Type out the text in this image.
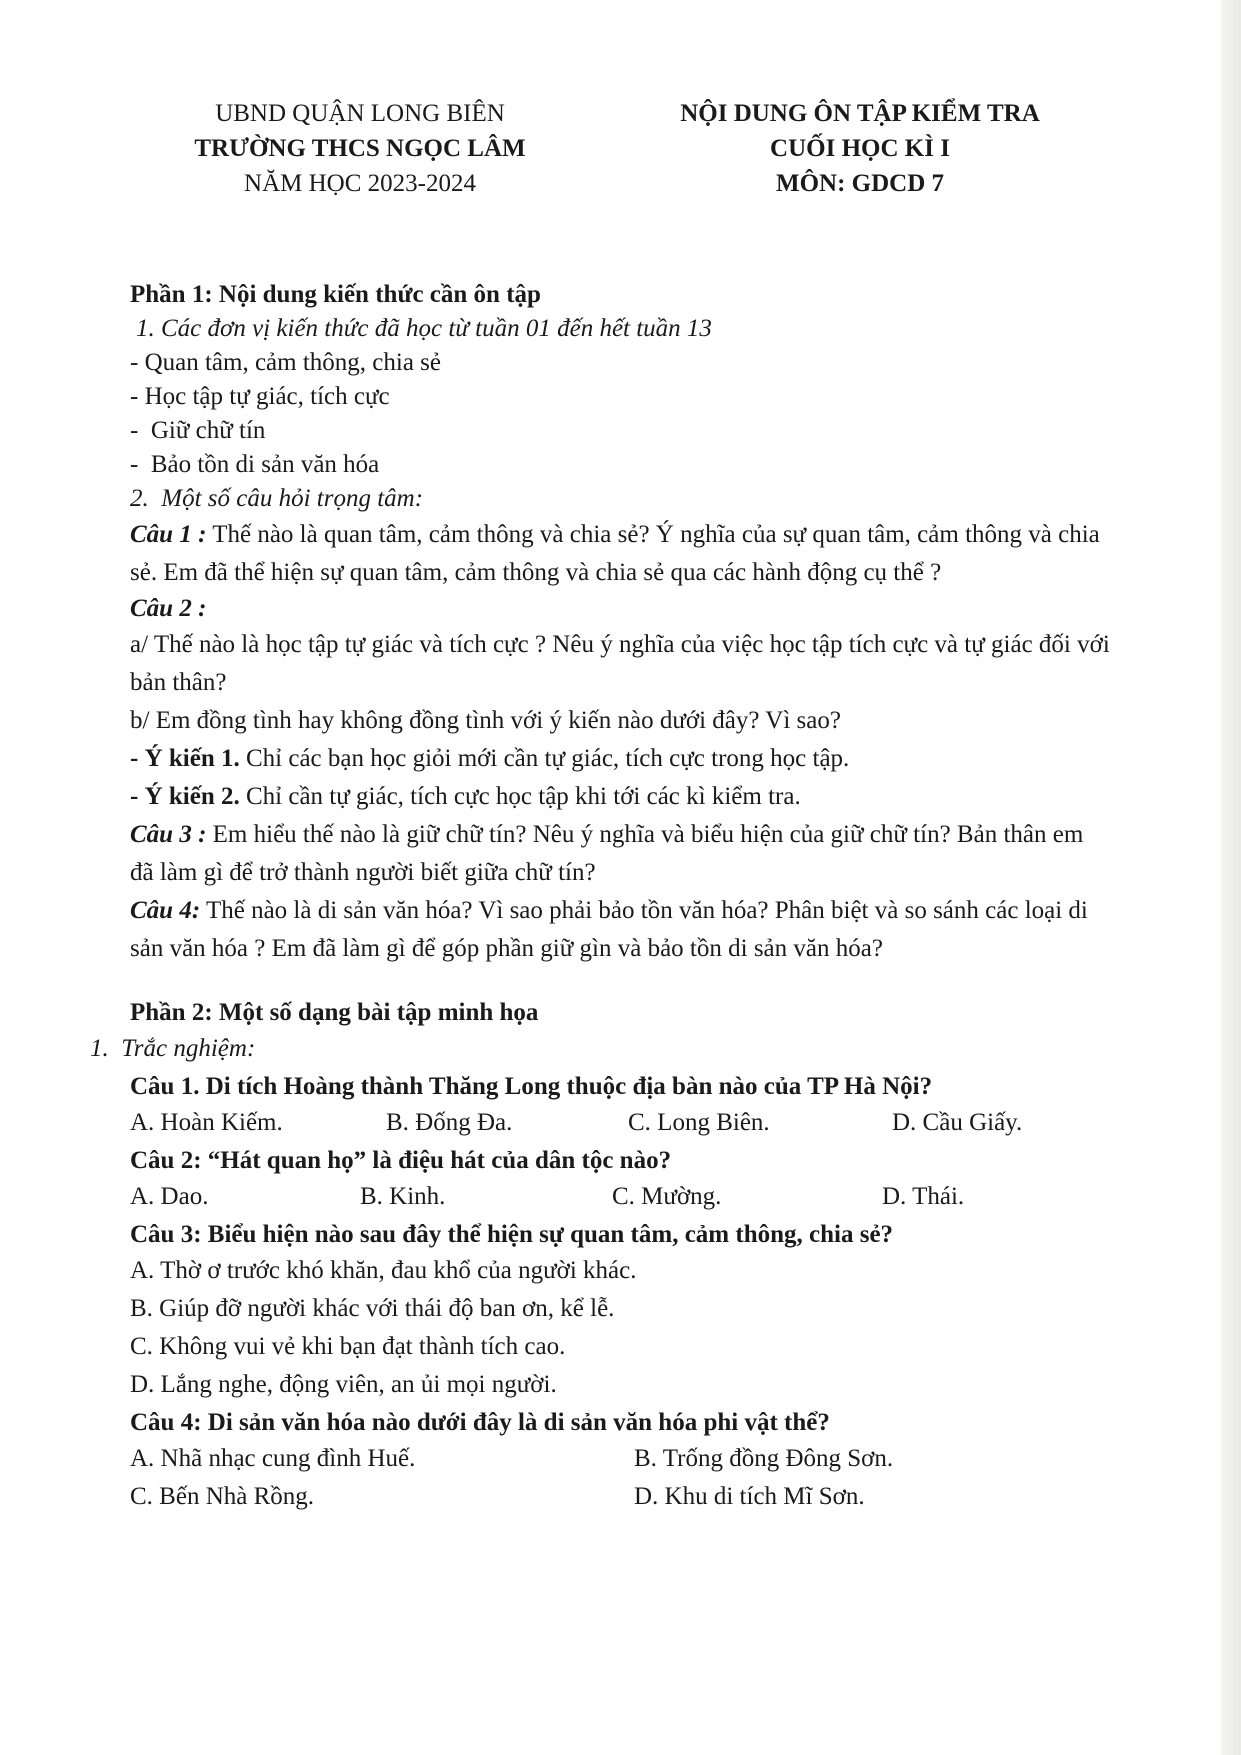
UBND QUẬN LONG BIÊN
TRƯỜNG THCS NGỌC LÂM
NĂM HỌC 2023-2024
NỘI DUNG ÔN TẬP KIỂM TRA
CUỐI HỌC KÌ I
MÔN: GDCD 7
Phần 1: Nội dung kiến thức cần ôn tập
1. Các đơn vị kiến thức đã học từ tuần 01 đến hết tuần 13
- Quan tâm, cảm thông, chia sẻ
- Học tập tự giác, tích cực
-  Giữ chữ tín
-  Bảo tồn di sản văn hóa
2.  Một số câu hỏi trọng tâm:

Câu 1 : Thế nào là quan tâm, cảm thông và chia sẻ? Ý nghĩa của sự quan tâm, cảm thông và chia sẻ. Em đã thể hiện sự quan tâm, cảm thông và chia sẻ qua các hành động cụ thể ?

Câu 2 :

a/ Thế nào là học tập tự giác và tích cực ? Nêu ý nghĩa của việc học tập tích cực và tự giác đối với bản thân?

b/ Em đồng tình hay không đồng tình với ý kiến nào dưới đây? Vì sao?

- Ý kiến 1. Chỉ các bạn học giỏi mới cần tự giác, tích cực trong học tập.

- Ý kiến 2. Chỉ cần tự giác, tích cực học tập khi tới các kì kiểm tra.

Câu 3 : Em hiểu thế nào là giữ chữ tín? Nêu ý nghĩa và biểu hiện của giữ chữ tín? Bản thân em đã làm gì để trở thành người biết giữa chữ tín?

Câu 4: Thế nào là di sản văn hóa? Vì sao phải bảo tồn văn hóa? Phân biệt và so sánh các loại di sản văn hóa ? Em đã làm gì để góp phần giữ gìn và bảo tồn di sản văn hóa?

Phần 2: Một số dạng bài tập minh họa
1.  Trắc nghiệm:
Câu 1. Di tích Hoàng thành Thăng Long thuộc địa bàn nào của TP Hà Nội?
A. Hoàn Kiếm.	B. Đống Đa.	C. Long Biên.	D. Cầu Giấy.
Câu 2: “Hát quan họ” là điệu hát của dân tộc nào?
A. Dao.	B. Kinh.	C. Mường.	D. Thái.
Câu 3: Biểu hiện nào sau đây thể hiện sự quan tâm, cảm thông, chia sẻ?
A. Thờ ơ trước khó khăn, đau khổ của người khác.
B. Giúp đỡ người khác với thái độ ban ơn, kể lễ.
C. Không vui vẻ khi bạn đạt thành tích cao.
D. Lắng nghe, động viên, an ủi mọi người.
Câu 4: Di sản văn hóa nào dưới đây là di sản văn hóa phi vật thể?
A. Nhã nhạc cung đình Huế.	B. Trống đồng Đông Sơn.
C. Bến Nhà Rồng.	D. Khu di tích Mĩ Sơn.
